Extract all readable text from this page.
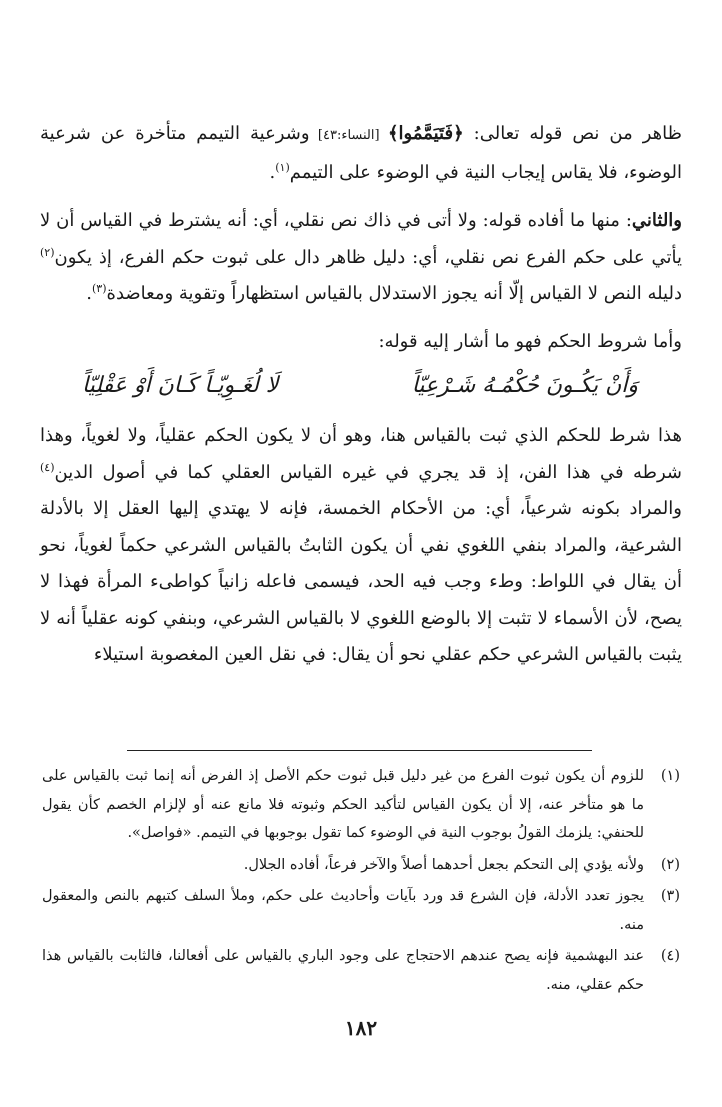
ظاهر من نص قوله تعالى: ﴿فَتَيَمَّمُوا﴾ [النساء:٤٣] وشرعية التيمم متأخرة عن شرعية الوضوء، فلا يقاس إيجاب النية في الوضوء على التيمم$^{(١)}$.

والثاني: منها ما أفاده قوله: ولا أتى في ذاك نص نقلي، أي: أنه يشترط في القياس أن لا يأتي على حكم الفرع نص نقلي، أي: دليل ظاهر دال على ثبوت حكم الفرع، إذ يكون$^{(٢)}$ دليله النص لا القياس إلّا أنه يجوز الاستدلال بالقياس استظهاراً وتقوية ومعاضدة$^{(٣)}$.

وأما شروط الحكم فهو ما أشار إليه قوله:

وَأَنْ يَكُـونَ حُكْمُـهُ شَـرْعِيّاً
لَا لُغَـوِيّـاً كَـانَ أَوْ عَقْلِيّاً

هذا شرط للحكم الذي ثبت بالقياس هنا، وهو أن لا يكون الحكم عقلياً، ولا لغوياً، وهذا شرطه في هذا الفن، إذ قد يجري في غيره القياس العقلي كما في أصول الدين$^{(٤)}$ والمراد بكونه شرعياً، أي: من الأحكام الخمسة، فإنه لا يهتدي إليها العقل إلا بالأدلة الشرعية، والمراد بنفي اللغوي نفي أن يكون الثابتُ بالقياس الشرعي حكماً لغوياً، نحو أن يقال في اللواط: وطء وجب فيه الحد، فيسمى فاعله زانياً كواطىء المرأة فهذا لا يصح، لأن الأسماء لا تثبت إلا بالوضع اللغوي لا بالقياس الشرعي، وبنفي كونه عقلياً أنه لا يثبت بالقياس الشرعي حكم عقلي نحو أن يقال: في نقل العين المغصوبة استيلاء

(١)
للزوم أن يكون ثبوت الفرع من غير دليل قبل ثبوت حكم الأصل إذ الفرض أنه إنما ثبت بالقياس على ما هو متأخر عنه، إلا أن يكون القياس لتأكيد الحكم وثبوته فلا مانع عنه أو لإلزام الخصم كأن يقول للحنفي: يلزمك القولُ بوجوب النية في الوضوء كما تقول بوجوبها في التيمم. «فواصل».
(٢)
ولأنه يؤدي إلى التحكم بجعل أحدهما أصلاً والآخر فرعاً، أفاده الجلال.
(٣)
يجوز تعدد الأدلة، فإن الشرع قد ورد بآيات وأحاديث على حكم، وملأ السلف كتبهم بالنص والمعقول منه.
(٤)
عند البهشمية فإنه يصح عندهم الاحتجاج على وجود الباري بالقياس على أفعالنا، فالثابت بالقياس هذا حكم عقلي، منه.
١٨٢
